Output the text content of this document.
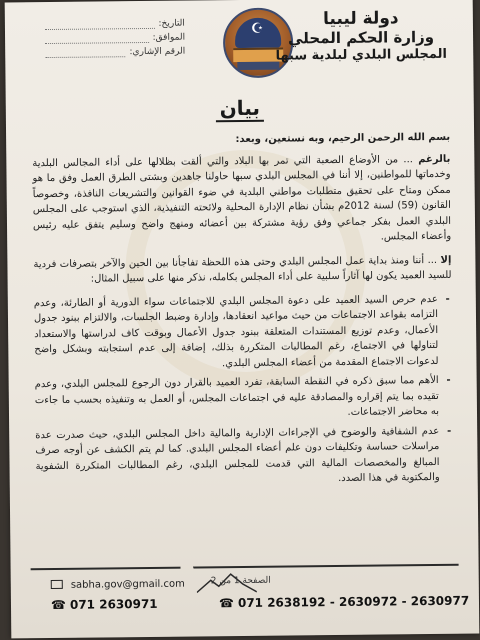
التاريخ
:
الموافق
:
الرقم الإشاري
:
☪	دولة ليبيا
وزارة الحكم المحلي
المجلس البلدي لبلدية سبها
بيان

بسم الله الرحمن الرحيم، وبه نستعين، وبعد:

بالرغم ... من الأوضاع الصعبة التي تمر بها البلاد والتي ألقت بظلالها على أداء المجالس البلدية وخدماتها للمواطنين، إلا أننا في المجلس البلدي سبها حاولنا جاهدين وبشتى الطرق العمل وفق ما هو ممكن ومتاح على تحقيق متطلبات مواطني البلدية في ضوء القوانين والتشريعات النافذة، وخصوصاً القانون (59) لسنة 2012م بشأن نظام الإدارة المحلية ولائحته التنفيذية، الذي استوجب على المجلس البلدي العمل بفكر جماعي وفق رؤية مشتركة بين أعضائه ومنهج واضح وسليم يتفق عليه رئيس وأعضاء المجلس.

إلا ... أننا ومنذ بداية عمل المجلس البلدي وحتى هذه اللحظة تفاجأنا بين الحين والآخر بتصرفات فردية للسيد العميد يكون لها آثاراً سلبية على أداء المجلس بكامله، نذكر منها على سبيل المثال:

- عدم حرص السيد العميد على دعوة المجلس البلدي للاجتماعات سواء الدورية أو الطارئة، وعدم التزامه بقواعد الاجتماعات من حيث مواعيد انعقادها، وإدارة وضبط الجلسات، والالتزام ببنود جدول الأعمال، وعدم توزيع المستندات المتعلقة ببنود جدول الأعمال وبوقت كاف لدراستها والاستعداد لتناولها في الاجتماع، رغم المطالبات المتكررة بذلك، إضافة إلى عدم استجابته وبشكل واضح لدعوات الاجتماع المقدمة من أعضاء المجلس البلدي.
- الأهم مما سبق ذكره في النقطة السابقة، تفرد العميد بالقرار دون الرجوع للمجلس البلدي، وعدم تقيده بما يتم إقراره والمصادقة عليه في اجتماعات المجلس، أو العمل به وتنفيذه بحسب ما جاءت به محاضر الاجتماعات.
- عدم الشفافية والوضوح في الإجراءات الإدارية والمالية داخل المجلس البلدي، حيث صدرت عدة مراسلات حساسة وتكليفات دون علم أعضاء المجلس البلدي. كما لم يتم الكشف عن أوجه صرف المبالغ والمخصصات المالية التي قدمت للمجلس البلدي، رغم المطالبات المتكررة الشفوية والمكتوبة في هذا الصدد.
sabha.gov@gmail.com	الصفحة 1 من 2
☎ 071 2630971	☎ 071 2638192 - 2630972 - 2630977
